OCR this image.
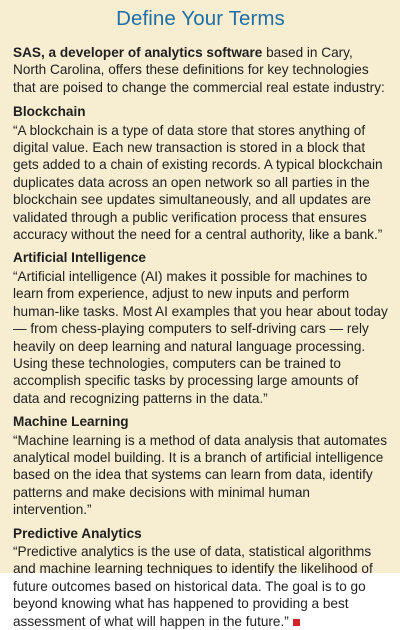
Define Your Terms

SAS, a developer of analytics software based in Cary, North Carolina, offers these definitions for key technologies that are poised to change the commercial real estate industry:

Blockchain

“A blockchain is a type of data store that stores anything of digital value. Each new transaction is stored in a block that gets added to a chain of existing records. A typical blockchain duplicates data across an open network so all parties in the blockchain see updates simultaneously, and all updates are validated through a public verification process that ensures accuracy without the need for a central authority, like a bank.”

Artificial Intelligence

“Artificial intelligence (AI) makes it possible for machines to learn from experience, adjust to new inputs and perform human-like tasks. Most AI examples that you hear about today — from chess-playing computers to self-driving cars — rely heavily on deep learning and natural language processing. Using these technologies, computers can be trained to accomplish specific tasks by processing large amounts of data and recognizing patterns in the data.”

Machine Learning

“Machine learning is a method of data analysis that automates analytical model building. It is a branch of artificial intelligence based on the idea that systems can learn from data, identify patterns and make decisions with minimal human intervention.”

Predictive Analytics

“Predictive analytics is the use of data, statistical algorithms and machine learning techniques to identify the likelihood of future outcomes based on historical data. The goal is to go beyond knowing what has happened to providing a best assessment of what will happen in the future.”
